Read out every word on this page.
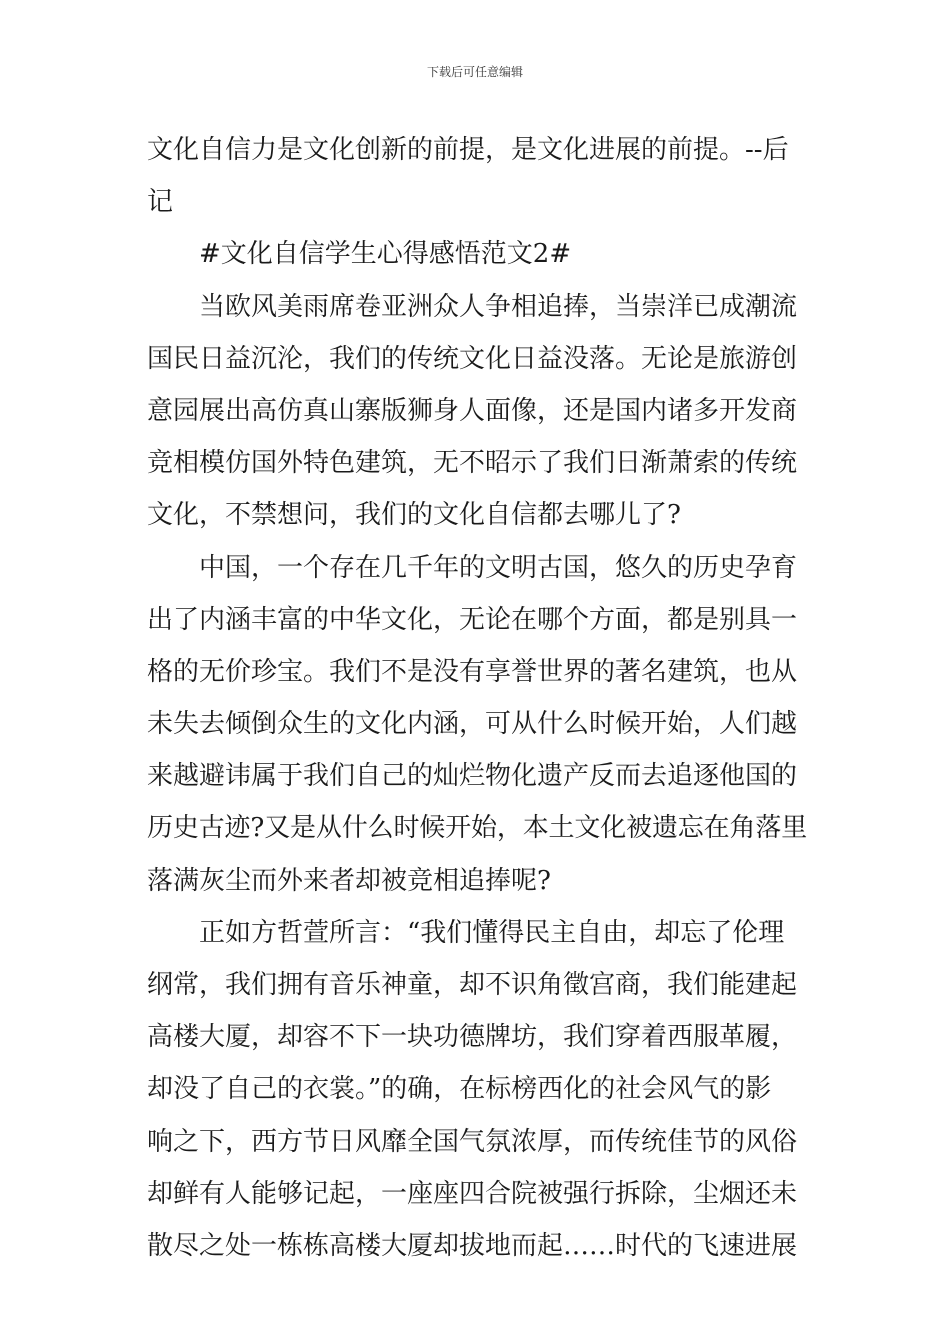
下载后可任意编辑
文化自信力是文化创新的前提，是文化进展的前提。--后
记
#文化自信学生心得感悟范文2#
当欧风美雨席卷亚洲众人争相追捧，当崇洋已成潮流
国民日益沉沦，我们的传统文化日益没落。无论是旅游创
意园展出高仿真山寨版狮身人面像，还是国内诸多开发商
竞相模仿国外特色建筑，无不昭示了我们日渐萧索的传统
文化，不禁想问，我们的文化自信都去哪儿了?
中国，一个存在几千年的文明古国，悠久的历史孕育
出了内涵丰富的中华文化，无论在哪个方面，都是别具一
格的无价珍宝。我们不是没有享誉世界的著名建筑，也从
未失去倾倒众生的文化内涵，可从什么时候开始，人们越
来越避讳属于我们自己的灿烂物化遗产反而去追逐他国的
历史古迹?又是从什么时候开始，本土文化被遗忘在角落里
落满灰尘而外来者却被竞相追捧呢?
正如方哲萱所言：“我们懂得民主自由，却忘了伦理
纲常，我们拥有音乐神童，却不识角徵宫商，我们能建起
高楼大厦，却容不下一块功德牌坊，我们穿着西服革履，
却没了自己的衣裳。”的确，在标榜西化的社会风气的影
响之下，西方节日风靡全国气氛浓厚，而传统佳节的风俗
却鲜有人能够记起，一座座四合院被强行拆除，尘烟还未
散尽之处一栋栋高楼大厦却拔地而起……时代的飞速进展
